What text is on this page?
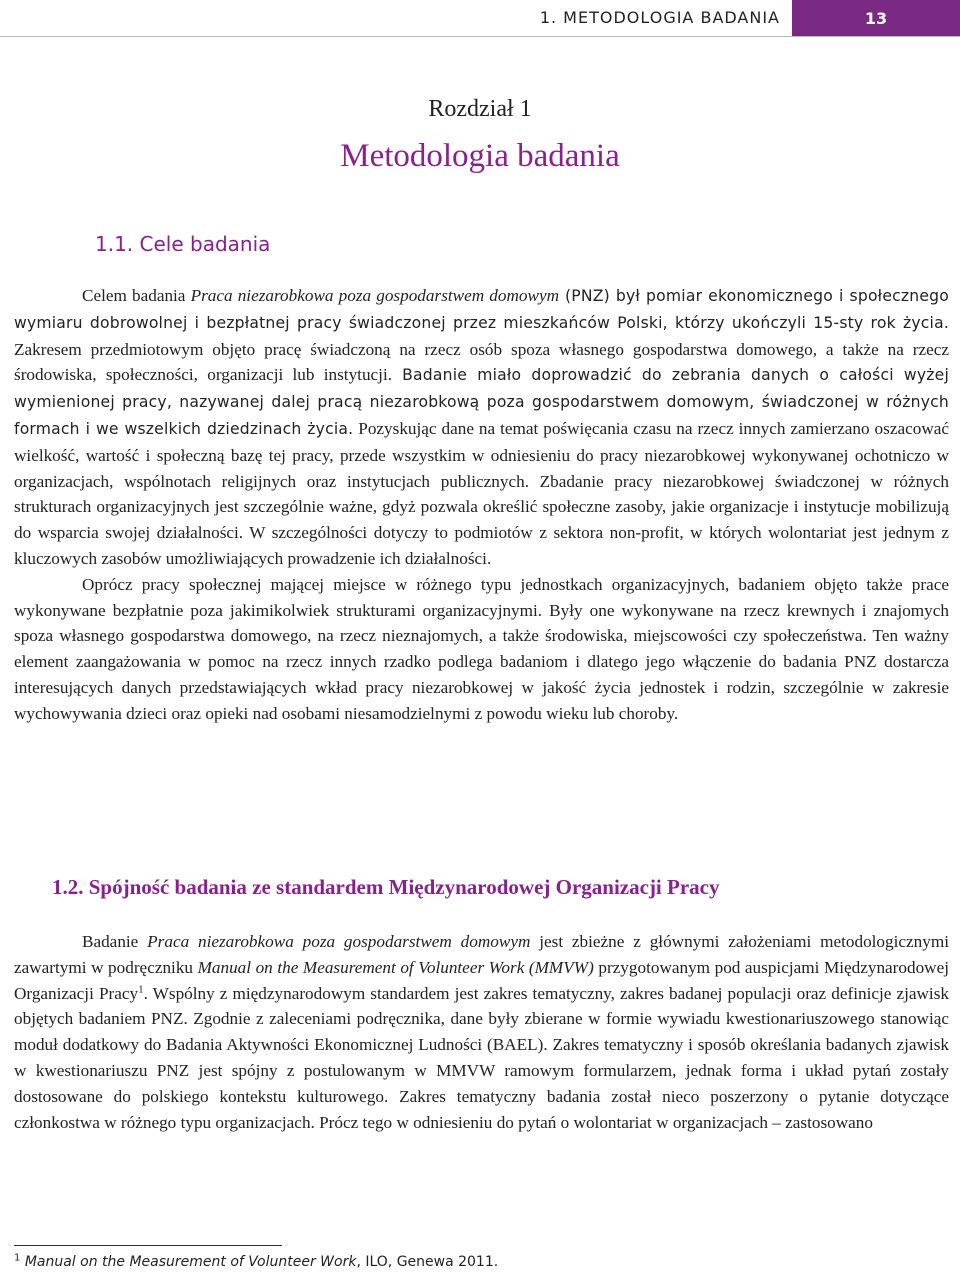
1. METODOLOGIA BADANIA	13
Rozdział 1
Metodologia badania
1.1. Cele badania

Celem badania Praca niezarobkowa poza gospodarstwem domowym (PNZ) był pomiar ekonomicznego i społecznego wymiaru dobrowolnej i bezpłatnej pracy świadczonej przez mieszkańców Polski, którzy ukończyli 15-sty rok życia. Zakresem przedmiotowym objęto pracę świadczoną na rzecz osób spoza własnego gospodarstwa domowego, a także na rzecz środowiska, społeczności, organizacji lub instytucji. Badanie miało doprowadzić do zebrania danych o całości wyżej wymienionej pracy, nazywanej dalej pracą niezarobkową poza gospodarstwem domowym, świadczonej w różnych formach i we wszelkich dziedzinach życia. Pozyskując dane na temat poświęcania czasu na rzecz innych zamierzano oszacować wielkość, wartość i społeczną bazę tej pracy, przede wszystkim w odniesieniu do pracy niezarobkowej wykonywanej ochotniczo w organizacjach, wspólnotach religijnych oraz instytucjach publicznych. Zbadanie pracy niezarobkowej świadczonej w różnych strukturach organizacyjnych jest szczególnie ważne, gdyż pozwala określić społeczne zasoby, jakie organizacje i instytucje mobilizują do wsparcia swojej działalności. W szczególności dotyczy to podmiotów z sektora non-profit, w których wolontariat jest jednym z kluczowych zasobów umożliwiających prowadzenie ich działalności.

Oprócz pracy społecznej mającej miejsce w różnego typu jednostkach organizacyjnych, badaniem objęto także prace wykonywane bezpłatnie poza jakimikolwiek strukturami organizacyjnymi. Były one wykonywane na rzecz krewnych i znajomych spoza własnego gospodarstwa domowego, na rzecz nieznajomych, a także środowiska, miejscowości czy społeczeństwa. Ten ważny element zaangażowania w pomoc na rzecz innych rzadko podlega badaniom i dlatego jego włączenie do badania PNZ dostarcza interesujących danych przedstawiających wkład pracy niezarobkowej w jakość życia jednostek i rodzin, szczególnie w zakresie wychowywania dzieci oraz opieki nad osobami niesamodzielnymi z powodu wieku lub choroby.

1.2. Spójność badania ze standardem Międzynarodowej Organizacji Pracy

Badanie Praca niezarobkowa poza gospodarstwem domowym jest zbieżne z głównymi założeniami metodologicznymi zawartymi w podręczniku Manual on the Measurement of Volunteer Work (MMVW) przygotowanym pod auspicjami Międzynarodowej Organizacji Pracy$^1$. Wspólny z międzynarodowym standardem jest zakres tematyczny, zakres badanej populacji oraz definicje zjawisk objętych badaniem PNZ. Zgodnie z zaleceniami podręcznika, dane były zbierane w formie wywiadu kwestionariuszowego stanowiąc moduł dodatkowy do Badania Aktywności Ekonomicznej Ludności (BAEL). Zakres tematyczny i sposób określania badanych zjawisk w kwestionariuszu PNZ jest spójny z postulowanym w MMVW ramowym formularzem, jednak forma i układ pytań zostały dostosowane do polskiego kontekstu kulturowego. Zakres tematyczny badania został nieco poszerzony o pytanie dotyczące członkostwa w różnego typu organizacjach. Prócz tego w odniesieniu do pytań o wolontariat w organizacjach – zastosowano

$^1$ Manual on the Measurement of Volunteer Work, ILO, Genewa 2011.
